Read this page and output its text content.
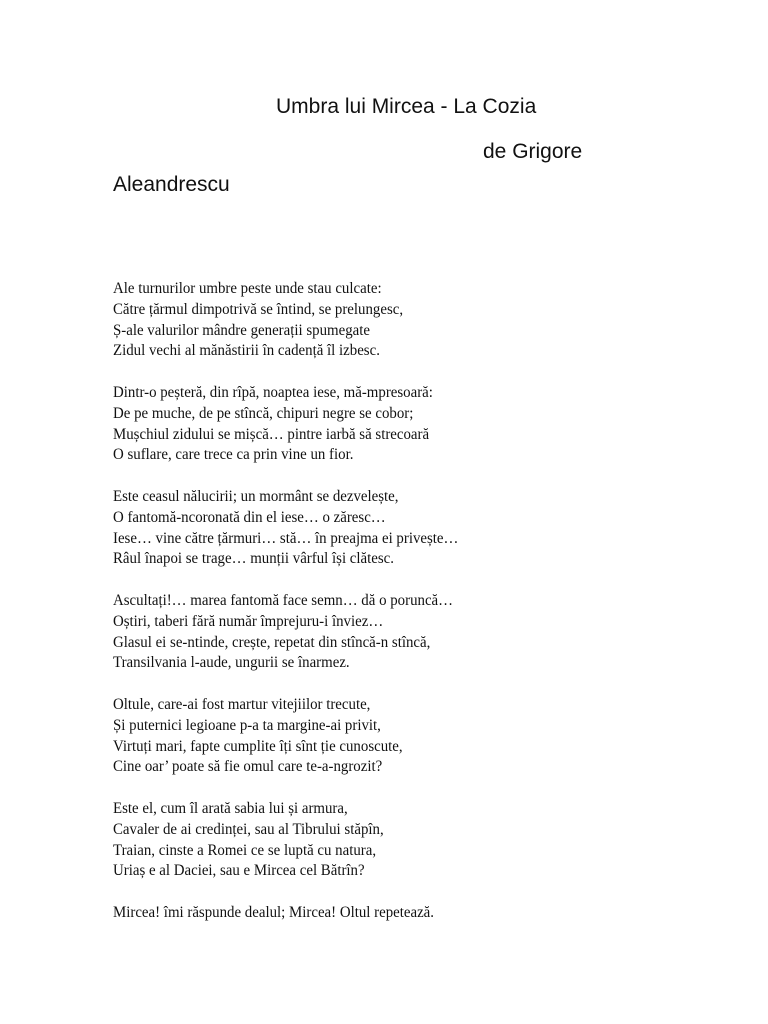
Umbra lui Mircea - La Cozia
de Grigore
Aleandrescu
Ale turnurilor umbre peste unde stau culcate:
Către țărmul dimpotrivă se întind, se prelungesc,
Ș-ale valurilor mândre generații spumegate
Zidul vechi al mănăstirii în cadență îl izbesc.
Dintr-o peșteră, din rîpă, noaptea iese, mă-mpresoară:
De pe muche, de pe stîncă, chipuri negre se cobor;
Mușchiul zidului se mișcă… pintre iarbă să strecoară
O suflare, care trece ca prin vine un fior.
Este ceasul nălucirii; un mormânt se dezvelește,
O fantomă-ncoronată din el iese… o zăresc…
Iese… vine către țărmuri… stă… în preajma ei privește…
Râul înapoi se trage… munții vârful își clătesc.
Ascultați!… marea fantomă face semn… dă o poruncă…
Oștiri, taberi fără număr împrejuru-i înviez…
Glasul ei se-ntinde, crește, repetat din stîncă-n stîncă,
Transilvania l-aude, ungurii se înarmez.
Oltule, care-ai fost martur vitejiilor trecute,
Și puternici legioane p-a ta margine-ai privit,
Virtuți mari, fapte cumplite îți sînt ție cunoscute,
Cine oar’ poate să fie omul care te-a-ngrozit?
Este el, cum îl arată sabia lui și armura,
Cavaler de ai credinței, sau al Tibrului stăpîn,
Traian, cinste a Romei ce se luptă cu natura,
Uriaș e al Daciei, sau e Mircea cel Bătrîn?
Mircea! îmi răspunde dealul; Mircea! Oltul repetează.
